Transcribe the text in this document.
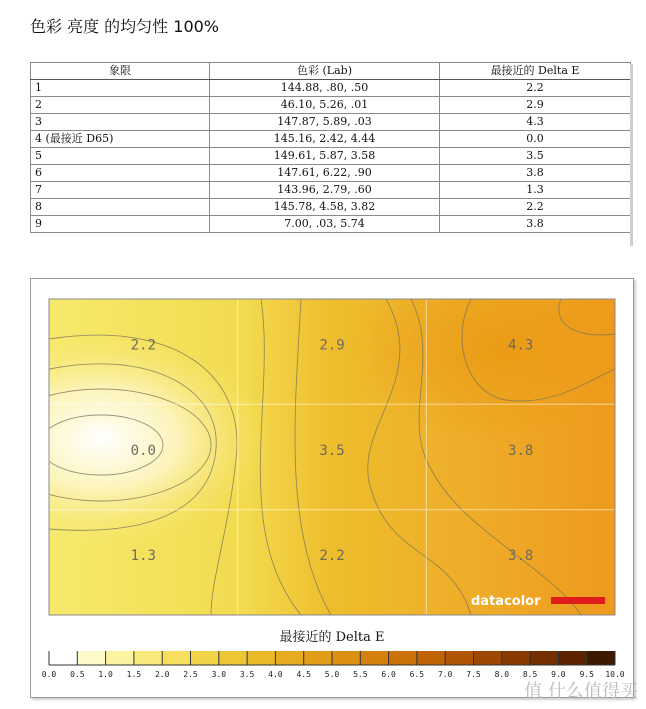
色彩 亮度 的均匀性 100%
象限	色彩 (Lab)	最接近的 Delta E
1	144.88, .80, .50	2.2
2	46.10, 5.26, .01	2.9
3	147.87, 5.89, .03	4.3
4 (最接近 D65)	145.16, 2.42, 4.44	0.0
5	149.61, 5.87, 3.58	3.5
6	147.61, 6.22, .90	3.8
7	143.96, 2.79, .60	1.3
8	145.78, 4.58, 3.82	2.2
9	7.00, .03, 5.74	3.8
2.2	2.9	4.3
0.0	3.5	3.8
1.3	2.2	3.8
datacolor
最接近的 Delta E
0.0 0.5 1.0 1.5 2.0 2.5 3.0 3.5 4.0 4.5 5.0 5.5 6.0 6.5 7.0 7.5 8.0 8.5 9.0 9.5 10.0
值 什么值得买
